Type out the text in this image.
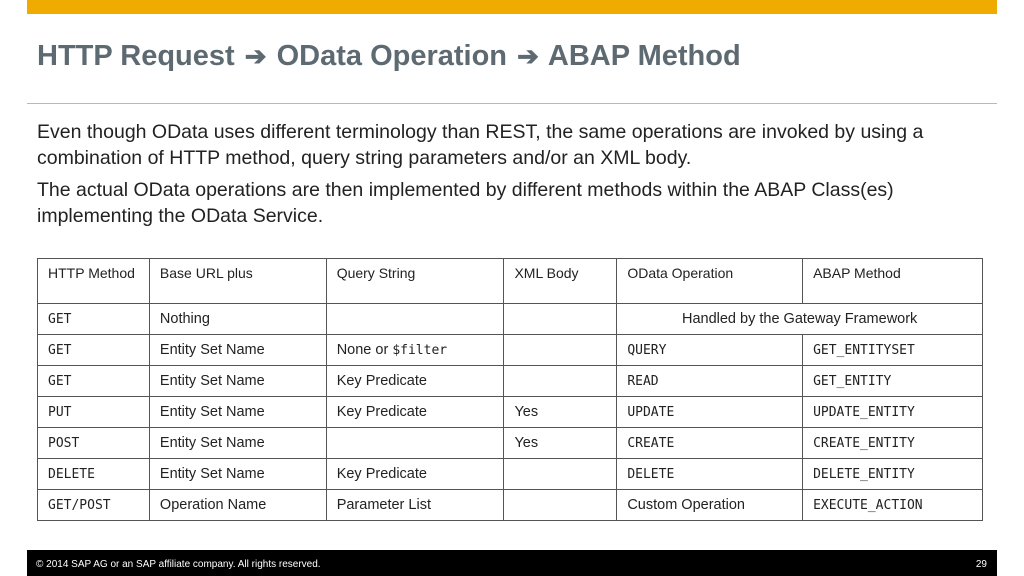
HTTP Request ➔ OData Operation ➔ ABAP Method

Even though OData uses different terminology than REST, the same operations are invoked by using a combination of HTTP method, query string parameters and/or an XML body.

The actual OData operations are then implemented by different methods within the ABAP Class(es) implementing the OData Service.

HTTP Method	Base URL plus	Query String	XML Body	OData Operation	ABAP Method
GET	Nothing			Handled by the Gateway Framework	
GET	Entity Set Name	None or $filter		QUERY	GET_ENTITYSET
GET	Entity Set Name	Key Predicate		READ	GET_ENTITY
PUT	Entity Set Name	Key Predicate	Yes	UPDATE	UPDATE_ENTITY
POST	Entity Set Name		Yes	CREATE	CREATE_ENTITY
DELETE	Entity Set Name	Key Predicate		DELETE	DELETE_ENTITY
GET/POST	Operation Name	Parameter List		Custom Operation	EXECUTE_ACTION
© 2014 SAP AG or an SAP affiliate company. All rights reserved.	29
